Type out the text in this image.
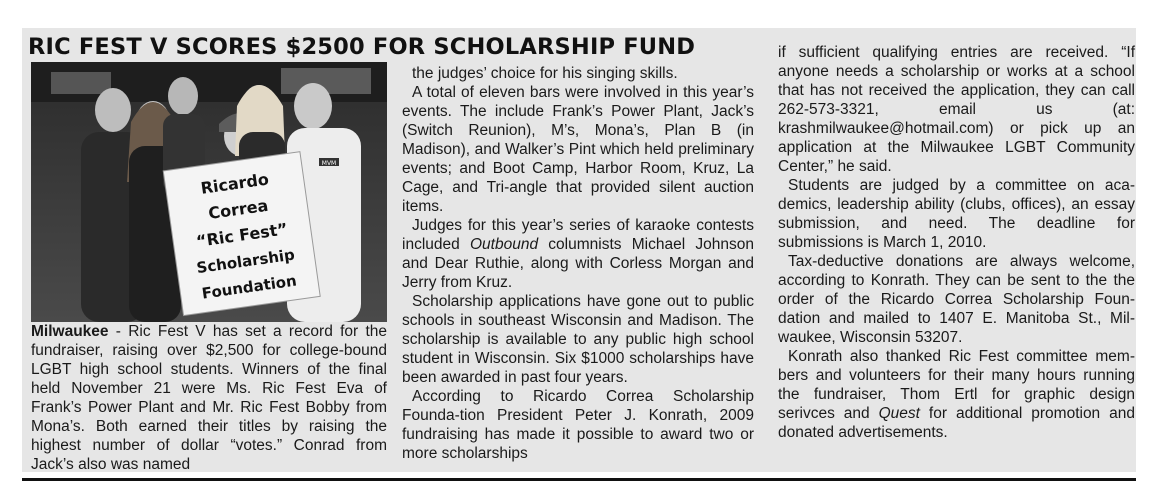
RIC FEST V SCORES $2500 FOR SCHOLARSHIP FUND
MVM
Ricardo
Correa
“Ric Fest”
Scholarship
Foundation

Milwaukee - Ric Fest V has set a record for the fundraiser, raising over $2,500 for college-bound LGBT high school students. Winners of the final held November 21 were Ms. Ric Fest Eva of Frank’s Power Plant and Mr. Ric Fest Bobby from Mona’s. Both earned their titles by raising the highest number of dollar “votes.” Conrad from Jack’s also was named

the judges’ choice for his singing skills.

A total of eleven bars were involved in this year’s events. The include Frank’s Power Plant, Jack’s (Switch Reunion), M’s, Mona’s, Plan B (in Madison), and Walker’s Pint which held preliminary events; and Boot Camp, Harbor Room, Kruz, La Cage, and Tri-angle that provided silent auction items.

Judges for this year’s series of karaoke contests included Outbound columnists Michael Johnson and Dear Ruthie, along with Corless Morgan and Jerry from Kruz.

Scholarship applications have gone out to public schools in southeast Wisconsin and Madison. The scholarship is available to any public high school student in Wisconsin. Six $1000 scholarships have been awarded in past four years.

According to Ricardo Correa Scholarship Founda-tion President Peter J. Konrath, 2009 fundraising has made it possible to award two or more scholarships

if sufficient qualifying entries are received. “If anyone needs a scholarship or works at a school that has not received the application, they can call 262-573-3321, email us (at: krashmilwaukee@hotmail.com) or pick up an application at the Milwaukee LGBT Community Center,” he said.

Students are judged by a committee on aca-demics, leadership ability (clubs, offices), an essay submission, and need. The deadline for submissions is March 1, 2010.

Tax-deductive donations are always welcome, according to Konrath. They can be sent to the the order of the Ricardo Correa Scholarship Foun-dation and mailed to 1407 E. Manitoba St., Mil-waukee, Wisconsin 53207.

Konrath also thanked Ric Fest committee mem-bers and volunteers for their many hours running the fundraiser, Thom Ertl for graphic design serivces and Quest for additional promotion and donated advertisements.
